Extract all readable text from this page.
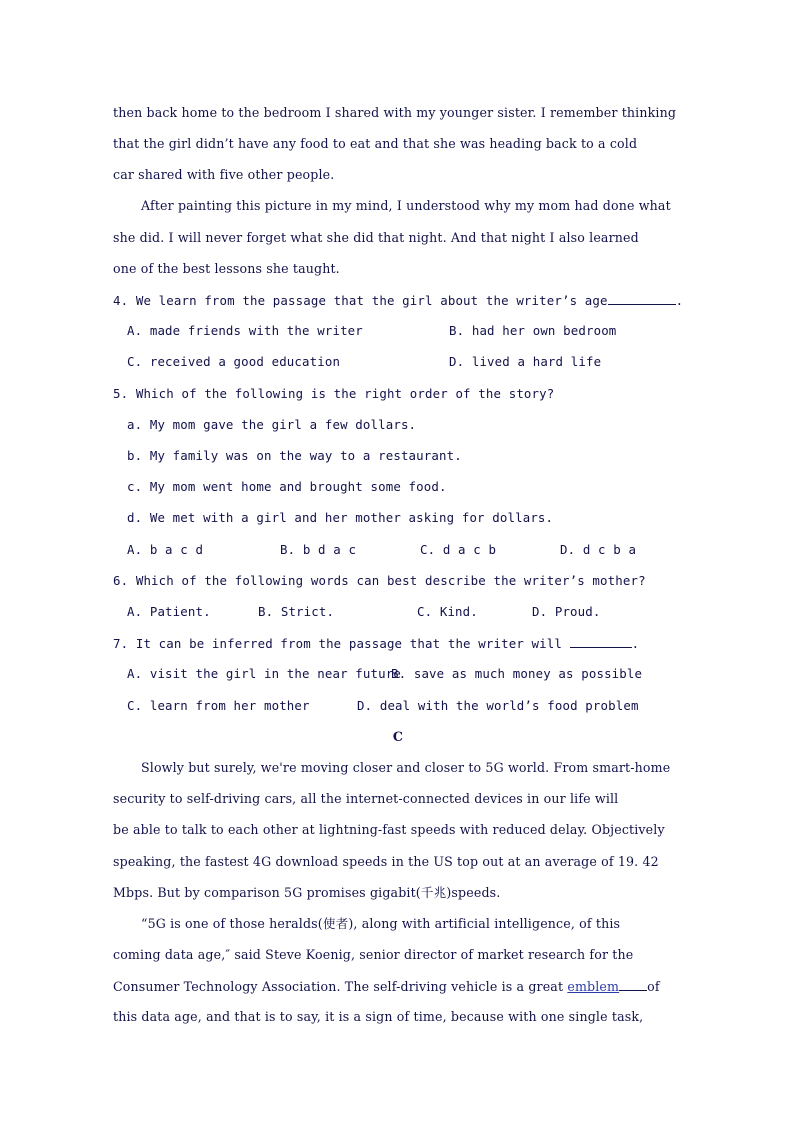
then back home to the bedroom I shared with my younger sister. I remember thinking
that the girl didn’t have any food to eat and that she was heading back to a cold
car shared with five other people.
After painting this picture in my mind, I understood why my mom had done what
she did. I will never forget what she did that night. And that night I also learned
one of the best lessons she taught.
4. We learn from the passage that the girl about the writer’s age	.
A. made friends with the writer	B. had her own bedroom
C. received a good education	D. lived a hard life
5. Which of the following is the right order of the story?
a. My mom gave the girl a few dollars.
b. My family was on the way to a restaurant.
c. My mom went home and brought some food.
d. We met with a girl and her mother asking for dollars.
A. b a c d	B. b d a c	C. d a c b	D. d c b a
6. Which of the following words can best describe the writer’s mother?
A. Patient.	B. Strict.	C. Kind.	D. Proud.
7. It can be inferred from the passage that the writer will	.
A. visit the girl in the near future
B. save as much money as possible
C. learn from her mother	D. deal with the world’s food problem
C
Slowly but surely, we're moving closer and closer to 5G world. From smart-home
security to self-driving cars, all the internet-connected devices in our life will
be able to talk to each other at lightning-fast speeds with reduced delay. Objectively
speaking, the fastest 4G download speeds in the US top out at an average of 19. 42
Mbps. But by comparison 5G promises gigabit(千兆)speeds.
“5G is one of those heralds(使者), along with artificial intelligence, of this
coming data age,″ said Steve Koenig, senior director of market research for the
Consumer Technology Association. The self-driving vehicle is a great emblem of
this data age, and that is to say, it is a sign of time, because with one single task,
